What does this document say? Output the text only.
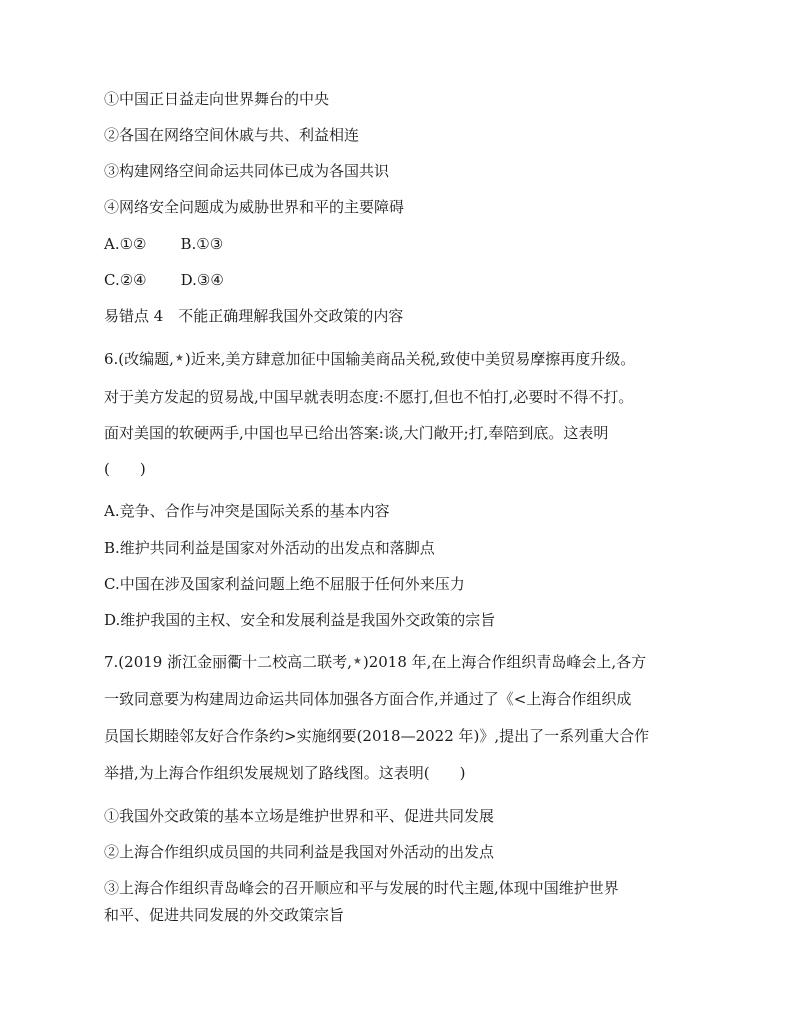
①中国正日益走向世界舞台的中央
②各国在网络空间休戚与共、利益相连
③构建网络空间命运共同体已成为各国共识
④网络安全问题成为威胁世界和平的主要障碍
A.①② B.①③
C.②④ D.③④
易错点 4　不能正确理解我国外交政策的内容
6.(改编题,★)近来,美方肆意加征中国输美商品关税,致使中美贸易摩擦再度升级。
对于美方发起的贸易战,中国早就表明态度:不愿打,但也不怕打,必要时不得不打。
面对美国的软硬两手,中国也早已给出答案:谈,大门敞开;打,奉陪到底。这表明
(　　)
A.竞争、合作与冲突是国际关系的基本内容
B.维护共同利益是国家对外活动的出发点和落脚点
C.中国在涉及国家利益问题上绝不屈服于任何外来压力
D.维护我国的主权、安全和发展利益是我国外交政策的宗旨
7.(2019 浙江金丽衢十二校高二联考,★)2018 年,在上海合作组织青岛峰会上,各方
一致同意要为构建周边命运共同体加强各方面合作,并通过了《<上海合作组织成
员国长期睦邻友好合作条约>实施纲要(2018—2022 年)》,提出了一系列重大合作
举措,为上海合作组织发展规划了路线图。这表明(　　)
①我国外交政策的基本立场是维护世界和平、促进共同发展
②上海合作组织成员国的共同利益是我国对外活动的出发点
③上海合作组织青岛峰会的召开顺应和平与发展的时代主题,体现中国维护世界
和平、促进共同发展的外交政策宗旨
